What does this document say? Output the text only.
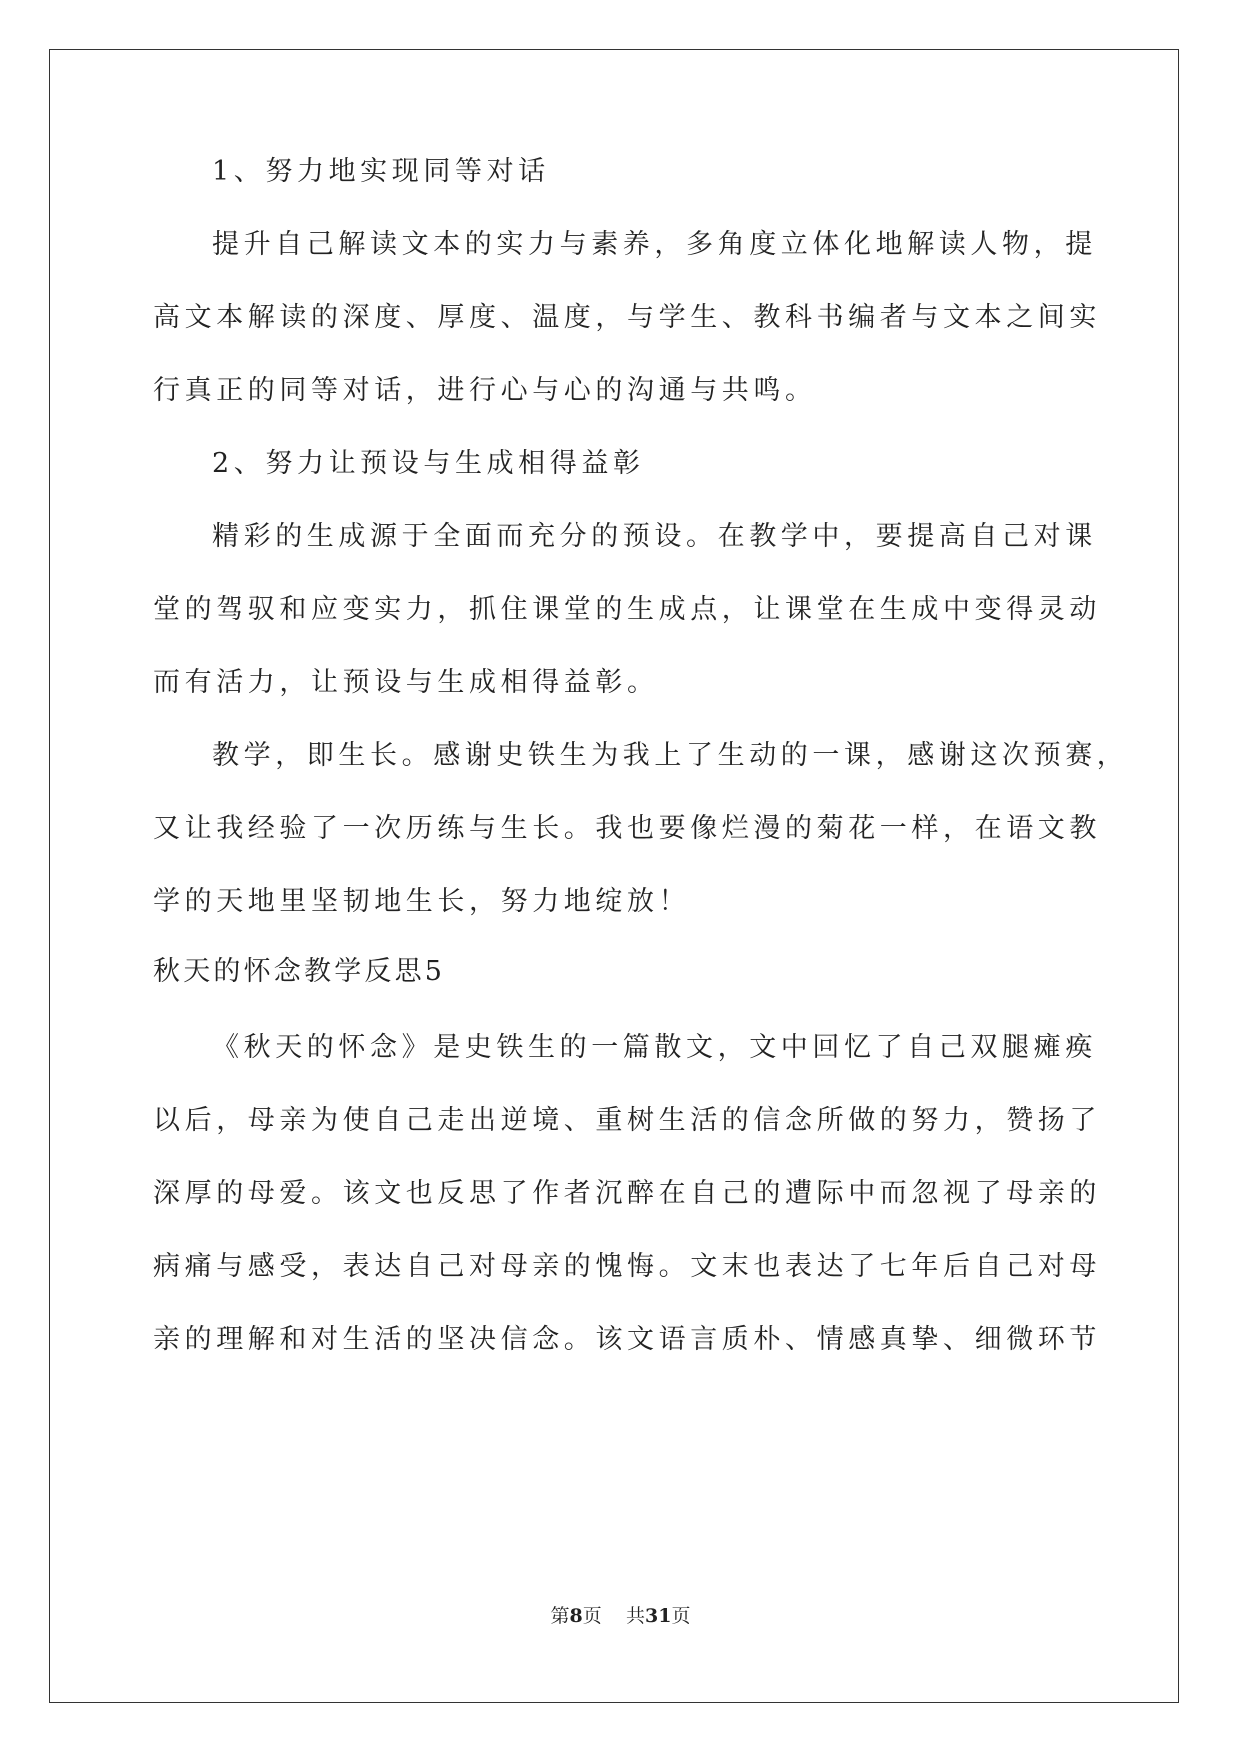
1、努力地实现同等对话
提升自己解读文本的实力与素养，多角度立体化地解读人物，提
高文本解读的深度、厚度、温度，与学生、教科书编者与文本之间实
行真正的同等对话，进行心与心的沟通与共鸣。
2、努力让预设与生成相得益彰
精彩的生成源于全面而充分的预设。在教学中，要提高自己对课
堂的驾驭和应变实力，抓住课堂的生成点，让课堂在生成中变得灵动
而有活力，让预设与生成相得益彰。
教学，即生长。感谢史铁生为我上了生动的一课，感谢这次预赛，
又让我经验了一次历练与生长。我也要像烂漫的菊花一样，在语文教
学的天地里坚韧地生长，努力地绽放！
秋天的怀念教学反思5
《秋天的怀念》是史铁生的一篇散文，文中回忆了自己双腿瘫痪
以后，母亲为使自己走出逆境、重树生活的信念所做的努力，赞扬了
深厚的母爱。该文也反思了作者沉醉在自己的遭际中而忽视了母亲的
病痛与感受，表达自己对母亲的愧悔。文末也表达了七年后自己对母
亲的理解和对生活的坚决信念。该文语言质朴、情感真挚、细微环节
第8页 共31页
